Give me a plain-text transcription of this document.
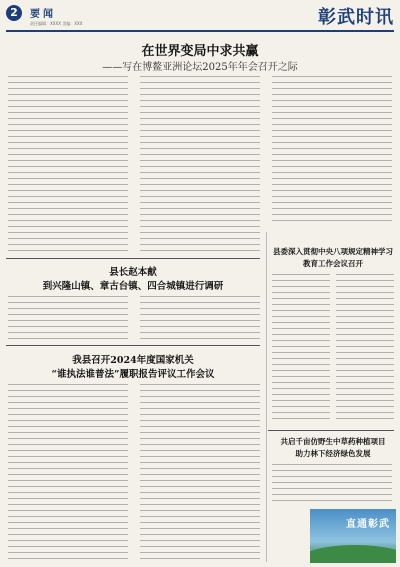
2	要闻
责任编辑：XXXX 美编：XXX	彰武时讯
在世界变局中求共赢
——写在博鳌亚洲论坛2025年年会召开之际
县长赵本献
到兴隆山镇、章古台镇、四合城镇进行调研
我县召开2024年度国家机关
“谁执法谁普法”履职报告评议工作会议
县委深入贯彻中央八项规定精神学习
教育工作会议召开
共启千亩仿野生中草药种植项目
助力林下经济绿色发展
直通彰武
